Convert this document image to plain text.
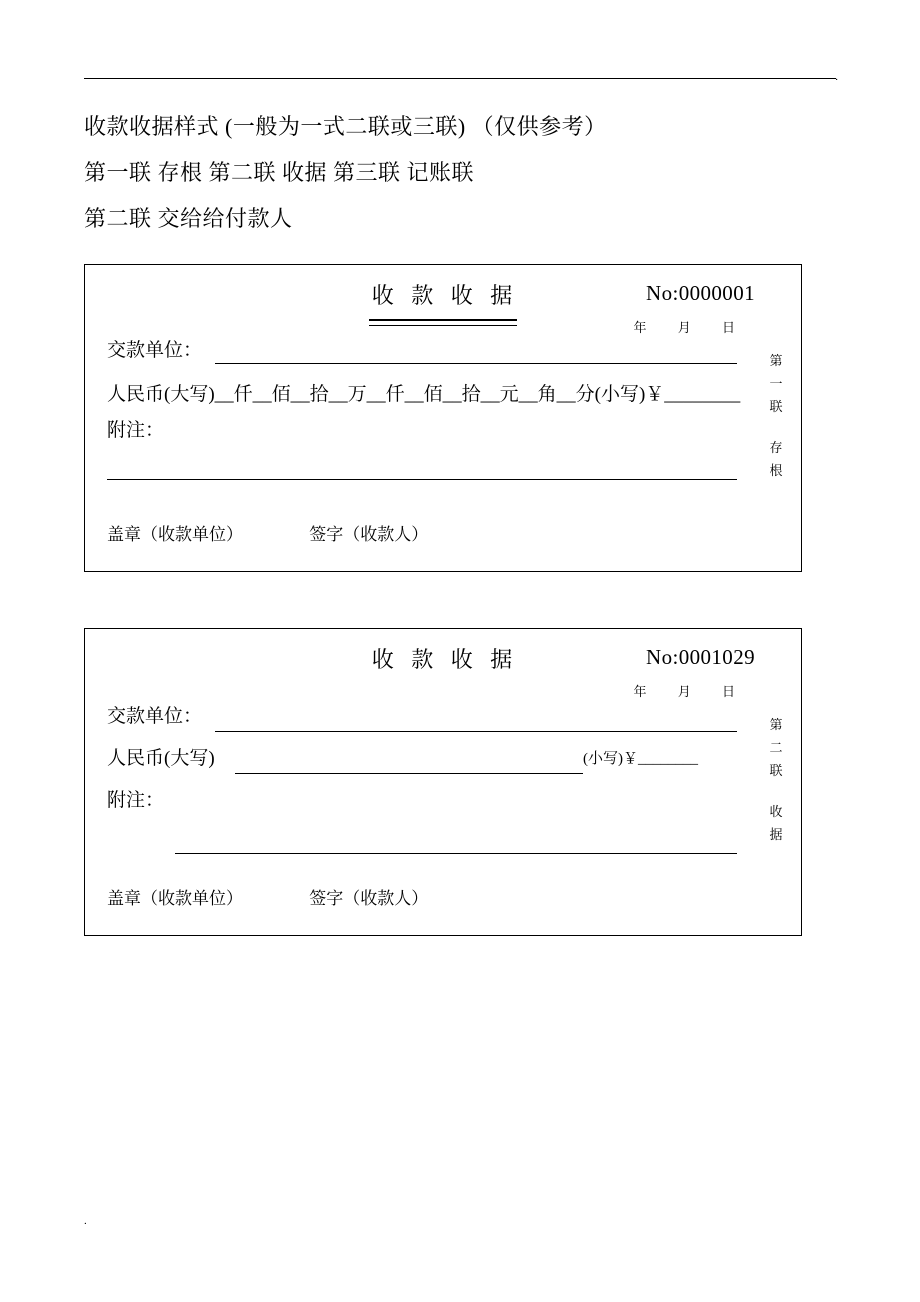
.
.
收款收据样式 (一般为一式二联或三联) （仅供参考）
第一联 存根 第二联 收据 第三联 记账联
第二联 交给给付款人
收 款 收 据	No:0000001
年 月 日
第
一
联
存
根
交款单位：
人民币(大写)__仟__佰__拾__万__仟__佰__拾__元__角__分(小写)￥________
附注：
盖章（收款单位）	签字（收款人）
收 款 收 据	No:0001029
年 月 日
第
二
联
收
据
交款单位：
人民币(大写)	(小写)￥________
附注：
盖章（收款单位）	签字（收款人）
